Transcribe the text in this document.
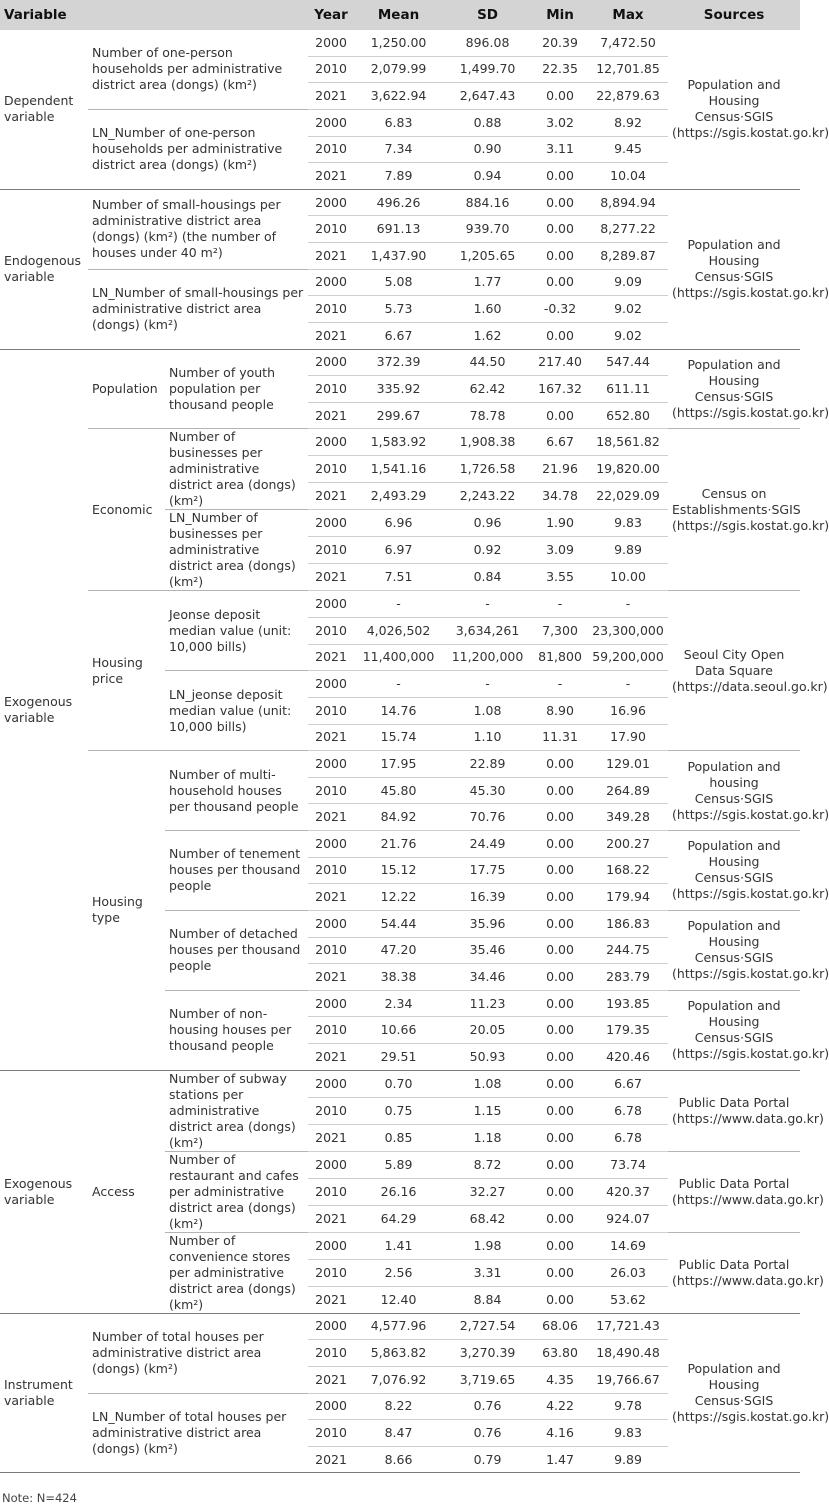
Variable			Year	Mean	SD	Min	Max	Sources
Dependent variable	Number of one-person households per administrative district area (dongs) (km²)		2000	1,250.00	896.08	20.39	7,472.50	Population and Housing Census·SGIS (https://sgis.kostat.go.kr)
			2010	2,079.99	1,499.70	22.35	12,701.85	
			2021	3,622.94	2,647.43	0.00	22,879.63	
	LN_Number of one-person households per administrative district area (dongs) (km²)		2000	6.83	0.88	3.02	8.92	
			2010	7.34	0.90	3.11	9.45	
			2021	7.89	0.94	0.00	10.04	
Endogenous variable	Number of small-housings per administrative district area (dongs) (km²) (the number of houses under 40 m²)		2000	496.26	884.16	0.00	8,894.94	Population and Housing Census·SGIS (https://sgis.kostat.go.kr)
			2010	691.13	939.70	0.00	8,277.22	
			2021	1,437.90	1,205.65	0.00	8,289.87	
	LN_Number of small-housings per administrative district area (dongs) (km²)		2000	5.08	1.77	0.00	9.09	
			2010	5.73	1.60	-0.32	9.02	
			2021	6.67	1.62	0.00	9.02	
Exogenous variable	Population	Number of youth population per thousand people	2000	372.39	44.50	217.40	547.44	Population and Housing Census·SGIS (https://sgis.kostat.go.kr)
			2010	335.92	62.42	167.32	611.11	
			2021	299.67	78.78	0.00	652.80	
	Economic	Number of businesses per administrative district area (dongs) (km²)	2000	1,583.92	1,908.38	6.67	18,561.82	Census on Establishments·SGIS (https://sgis.kostat.go.kr)
			2010	1,541.16	1,726.58	21.96	19,820.00	
			2021	2,493.29	2,243.22	34.78	22,029.09	
		LN_Number of businesses per administrative district area (dongs) (km²)	2000	6.96	0.96	1.90	9.83	
			2010	6.97	0.92	3.09	9.89	
			2021	7.51	0.84	3.55	10.00	
	Housing price	Jeonse deposit median value (unit: 10,000 bills)	2000	-	-	-	-	Seoul City Open Data Square (https://data.seoul.go.kr)
			2010	4,026,502	3,634,261	7,300	23,300,000	
			2021	11,400,000	11,200,000	81,800	59,200,000	
		LN_jeonse deposit median value (unit: 10,000 bills)	2000	-	-	-	-	
			2010	14.76	1.08	8.90	16.96	
			2021	15.74	1.10	11.31	17.90	
	Housing type	Number of multi-household houses per thousand people	2000	17.95	22.89	0.00	129.01	Population and housing Census·SGIS (https://sgis.kostat.go.kr)
			2010	45.80	45.30	0.00	264.89	
			2021	84.92	70.76	0.00	349.28	
		Number of tenement houses per thousand people	2000	21.76	24.49	0.00	200.27	Population and Housing Census·SGIS (https://sgis.kostat.go.kr)
			2010	15.12	17.75	0.00	168.22	
			2021	12.22	16.39	0.00	179.94	
		Number of detached houses per thousand people	2000	54.44	35.96	0.00	186.83	Population and Housing Census·SGIS (https://sgis.kostat.go.kr)
			2010	47.20	35.46	0.00	244.75	
			2021	38.38	34.46	0.00	283.79	
		Number of non-housing houses per thousand people	2000	2.34	11.23	0.00	193.85	Population and Housing Census·SGIS (https://sgis.kostat.go.kr)
			2010	10.66	20.05	0.00	179.35	
			2021	29.51	50.93	0.00	420.46	
Exogenous variable	Access	Number of subway stations per administrative district area (dongs) (km²)	2000	0.70	1.08	0.00	6.67	Public Data Portal (https://www.data.go.kr)
			2010	0.75	1.15	0.00	6.78	
			2021	0.85	1.18	0.00	6.78	
		Number of restaurant and cafes per administrative district area (dongs) (km²)	2000	5.89	8.72	0.00	73.74	Public Data Portal (https://www.data.go.kr)
			2010	26.16	32.27	0.00	420.37	
			2021	64.29	68.42	0.00	924.07	
		Number of convenience stores per administrative district area (dongs) (km²)	2000	1.41	1.98	0.00	14.69	Public Data Portal (https://www.data.go.kr)
			2010	2.56	3.31	0.00	26.03	
			2021	12.40	8.84	0.00	53.62	
Instrument variable	Number of total houses per administrative district area (dongs) (km²)		2000	4,577.96	2,727.54	68.06	17,721.43	Population and Housing Census·SGIS (https://sgis.kostat.go.kr)
			2010	5,863.82	3,270.39	63.80	18,490.48	
			2021	7,076.92	3,719.65	4.35	19,766.67	
	LN_Number of total houses per administrative district area (dongs) (km²)		2000	8.22	0.76	4.22	9.78	
			2010	8.47	0.76	4.16	9.83	
			2021	8.66	0.79	1.47	9.89	
Note: N=424
